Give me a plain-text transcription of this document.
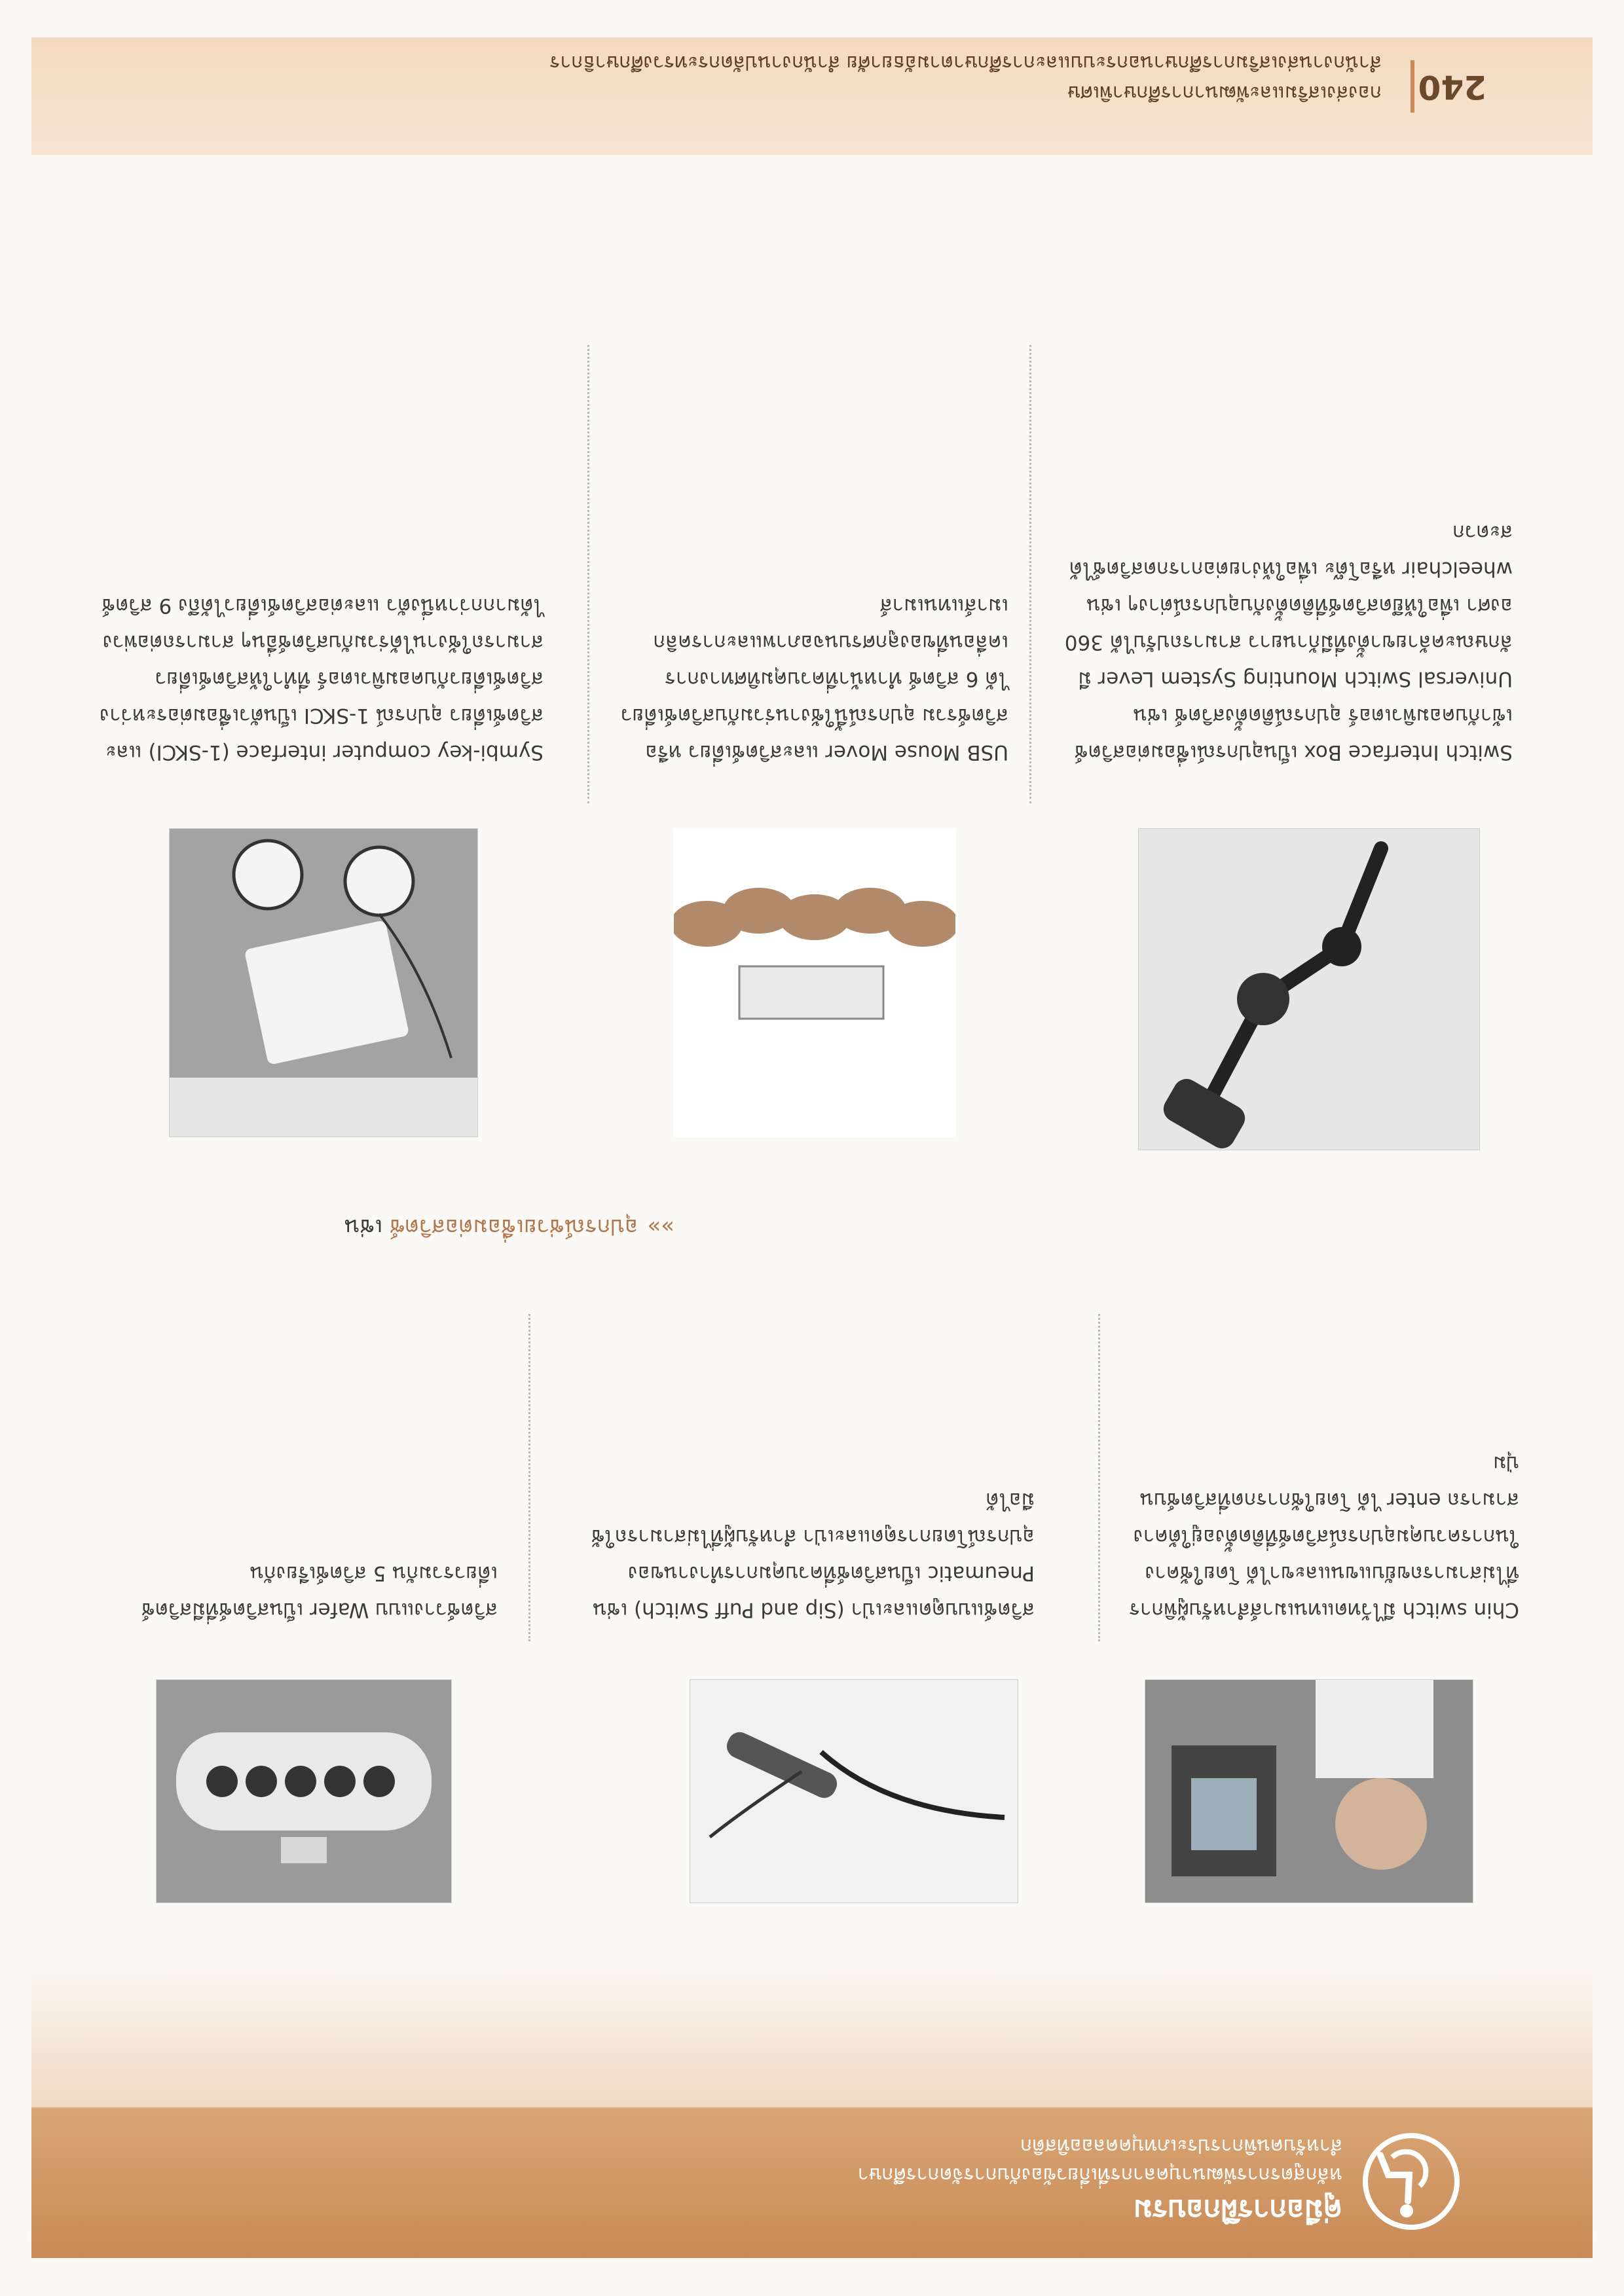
คู่มือการฝึกอบรม
หลักสูตรการพัฒนาบุคลากรที่เกี่ยวข้องกับการจัดการศึกษา
สำหรับคนพิการประเภทบุคคลออทิสติก
สวิตช์วางแบบ Wafer เป็นสวิตช์ที่มีสวิตช์เดี่ยวรวมกัน 5 สวิตช์เรียงกัน
สวิตช์แบบดูดและเป่า (Sip and Puff Switch) เช่น Pneumatic เป็นสวิตช์ที่ควบคุมการทำงานของอุปกรณ์โดยการดูดและเป่า สำหรับผู้ที่ไม่สามารถใช้มือได้
Chin switch มีไว้ทดแทนเมาส์สำหรับผู้พิการที่ไม่สามารถขยับแขนและขาได้ โดยใช้คางในการควบคุมอุปกรณ์สวิตช์ที่ติดตั้งอยู่ใต้คาง สามารถ enter ได้ โดยใช้การกดที่สวิตช์บนปุ่ม
»»อุปกรณ์ช่วยเชื่อมต่อสวิตซ์ เช่น
Symbi-key computer interface (1-SKCI) และสวิตช์เดี่ยว อุปกรณ์ 1-SKCI เป็นตัวเชื่อมต่อระหว่างสวิตช์เดี่ยวกับคอมพิวเตอร์ ที่ทำให้สวิตช์เดี่ยวสามารถใช้งานได้ร่วมกับสวิตช์อื่นๆ สามารถต่อพ่วงได้มากกว่าหนึ่งตัว และต่อสวิตช์เดี่ยวได้ถึง 9 สวิตช์
USB Mouse Mover และสวิตช์เดี่ยว หรือสวิตช์รวม อุปกรณ์นี้ใช้งานร่วมกับสวิตช์เดี่ยวได้ 6 สวิตช์ ทำหน้าที่ควบคุมทิศทางการเคลื่อนที่ของลูกศรบนจอภาพและการคลิกเมาส์แทนเมาส์
Switch Interface Box เป็นอุปกรณ์เชื่อมต่อสวิตช์เข้ากับคอมพิวเตอร์ อุปกรณ์ติดตั้งสวิตช์ เช่น Universal Switch Mounting System Lever มีลักษณะคล้ายขาตั้งที่มีก้านยาว สามารถปรับได้ 360 องศา เพื่อให้ยึดสวิตช์ที่ติดตั้งกับอุปกรณ์ต่างๆ เช่น wheelchair หรือโต๊ะ เพื่อให้ง่ายต่อการกดสวิตช์ได้สะดวก
240
กองส่งเสริมและพัฒนาการศึกษาพิเศษ
สำนักงานส่งเสริมการศึกษานอกระบบและการศึกษาตามอัธยาศัย สำนักงานปลัดกระทรวงศึกษาธิการ
